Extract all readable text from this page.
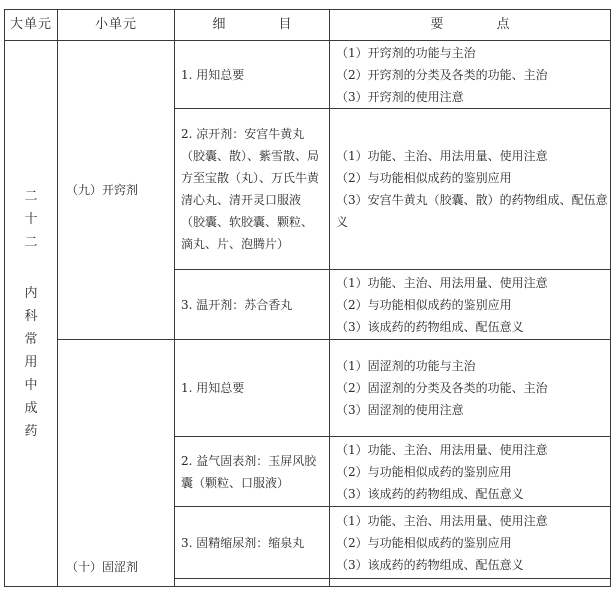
大单元	小单元	细　目	要　点
二十二
内科常用中成药	（九）开窍剂	1. 用知总要	（1）开窍剂的功能与主治
（2）开窍剂的分类及各类的功能、主治
（3）开窍剂的使用注意

		2. 凉开剂：安宫牛黄丸（胶囊、散）、紫雪散、局方至宝散（丸）、万氏牛黄清心丸、清开灵口服液（胶囊、软胶囊、颗粒、滴丸、片、泡腾片）	（1）功能、主治、用法用量、使用注意
（2）与功能相似成药的鉴别应用
（3）安宫牛黄丸（胶囊、散）的药物组成、配伍意义
		3. 温开剂：苏合香丸	（1）功能、主治、用法用量、使用注意
（2）与功能相似成药的鉴别应用
（3）该成药的药物组成、配伍意义

	（十）固涩剂	1. 用知总要	（1）固涩剂的功能与主治
（2）固涩剂的分类及各类的功能、主治
（3）固涩剂的使用注意

		2. 益气固表剂：玉屏风胶囊（颗粒、口服液）	（1）功能、主治、用法用量、使用注意
（2）与功能相似成药的鉴别应用
（3）该成药的药物组成、配伍意义

		3. 固精缩尿剂：缩泉丸	（1）功能、主治、用法用量、使用注意
（2）与功能相似成药的鉴别应用
（3）该成药的药物组成、配伍意义
